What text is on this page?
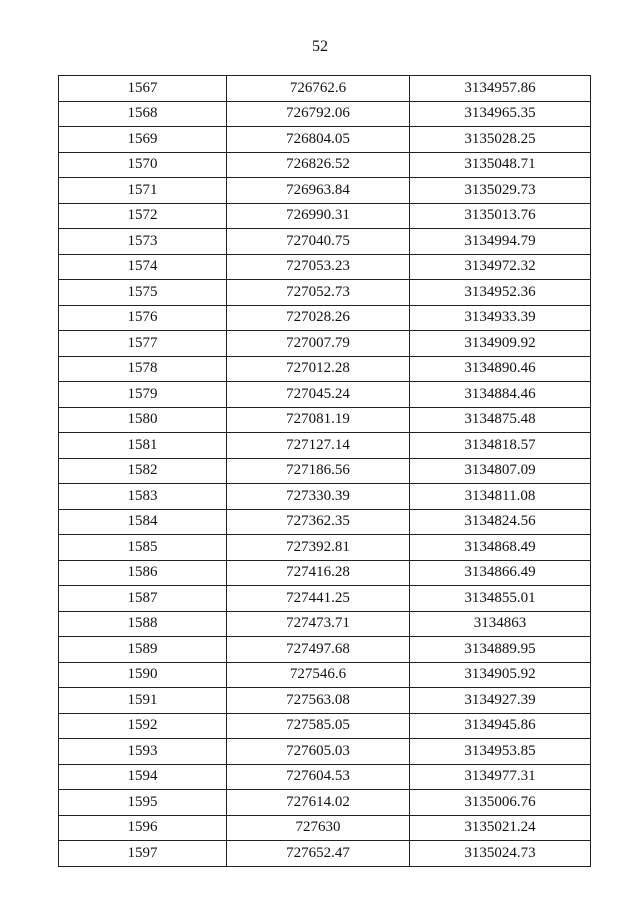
52
1567	726762.6	3134957.86
1568	726792.06	3134965.35
1569	726804.05	3135028.25
1570	726826.52	3135048.71
1571	726963.84	3135029.73
1572	726990.31	3135013.76
1573	727040.75	3134994.79
1574	727053.23	3134972.32
1575	727052.73	3134952.36
1576	727028.26	3134933.39
1577	727007.79	3134909.92
1578	727012.28	3134890.46
1579	727045.24	3134884.46
1580	727081.19	3134875.48
1581	727127.14	3134818.57
1582	727186.56	3134807.09
1583	727330.39	3134811.08
1584	727362.35	3134824.56
1585	727392.81	3134868.49
1586	727416.28	3134866.49
1587	727441.25	3134855.01
1588	727473.71	3134863
1589	727497.68	3134889.95
1590	727546.6	3134905.92
1591	727563.08	3134927.39
1592	727585.05	3134945.86
1593	727605.03	3134953.85
1594	727604.53	3134977.31
1595	727614.02	3135006.76
1596	727630	3135021.24
1597	727652.47	3135024.73
